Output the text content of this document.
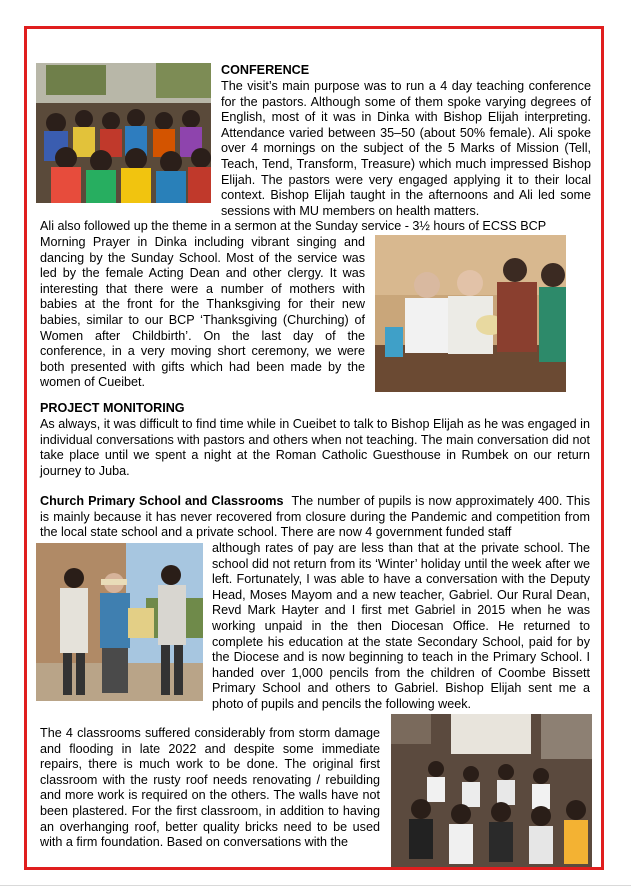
CONFERENCE

The visit’s main purpose was to run a 4 day teaching conference for the pastors. Although some of them spoke varying degrees of English, most of it was in Dinka with Bishop Elijah interpreting. Attendance varied between 35–50 (about 50% female). Ali spoke over 4 mornings on the subject of the 5 Marks of Mission (Tell, Teach, Tend, Transform, Treasure) which much impressed Bishop Elijah. The pastors were very engaged applying it to their local context. Bishop Elijah taught in the afternoons and Ali led some sessions with MU members on health matters.

Ali also followed up the theme in a sermon at the Sunday service - 3½ hours of ECSS BCP

Morning Prayer in Dinka including vibrant singing and dancing by the Sunday School. Most of the service was led by the female Acting Dean and other clergy. It was interesting that there were a number of mothers with babies at the front for the Thanksgiving for their new babies, similar to our BCP ‘Thanksgiving (Churching) of Women after Childbirth’. On the last day of the conference, in a very moving short ceremony, we were both presented with gifts which had been made by the women of Cueibet.

PROJECT MONITORING

As always, it was difficult to find time while in Cueibet to talk to Bishop Elijah as he was engaged in individual conversations with pastors and others when not teaching. The main conversation did not take place until we spent a night at the Roman Catholic Guesthouse in Rumbek on our return journey to Juba.

Church Primary School and Classrooms The number of pupils is now approximately 400. This is mainly because it has never recovered from closure during the Pandemic and competition from the local state school and a private school. There are now 4 government funded staff

although rates of pay are less than that at the private school. The school did not return from its ‘Winter’ holiday until the week after we left. Fortunately, I was able to have a conversation with the Deputy Head, Moses Mayom and a new teacher, Gabriel. Our Rural Dean, Revd Mark Hayter and I first met Gabriel in 2015 when he was working unpaid in the then Diocesan Office. He returned to complete his education at the state Secondary School, paid for by the Diocese and is now beginning to teach in the Primary School. I handed over 1,000 pencils from the children of Coombe Bissett Primary School and others to Gabriel. Bishop Elijah sent me a photo of pupils and pencils the following week.

The 4 classrooms suffered considerably from storm damage and flooding in late 2022 and despite some immediate repairs, there is much work to be done. The original first classroom with the rusty roof needs renovating / rebuilding and more work is required on the others. The walls have not been plastered. For the first classroom, in addition to having an overhanging roof, better quality bricks need to be used with a firm foundation. Based on conversations with the
